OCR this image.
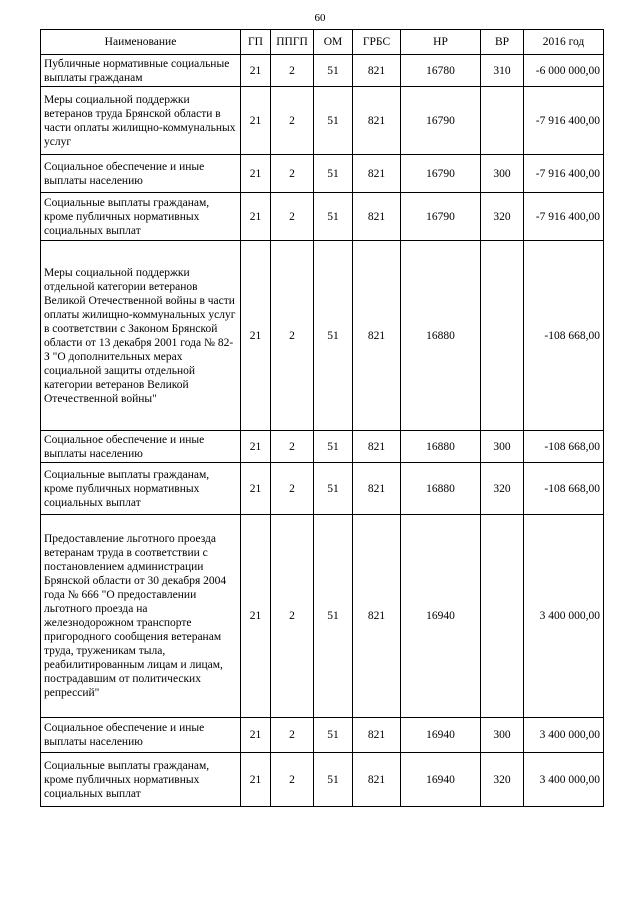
60
Наименование	ГП	ППГП	ОМ	ГРБС	НР	ВР	2016 год
Публичные нормативные социальные выплаты гражданам	21	2	51	821	16780	310	-6 000 000,00
Меры социальной поддержки ветеранов труда Брянской области в части оплаты жилищно-коммунальных услуг	21	2	51	821	16790		-7 916 400,00
Социальное обеспечение и иные выплаты населению	21	2	51	821	16790	300	-7 916 400,00
Социальные выплаты гражданам, кроме публичных нормативных социальных выплат	21	2	51	821	16790	320	-7 916 400,00
Меры социальной поддержки отдельной категории ветеранов Великой Отечественной войны в части оплаты жилищно-коммунальных услуг в соответствии с Законом Брянской области от 13 декабря 2001 года № 82-З "О дополнительных мерах социальной защиты отдельной категории ветеранов Великой Отечественной войны"	21	2	51	821	16880		-108 668,00
Социальное обеспечение и иные выплаты населению	21	2	51	821	16880	300	-108 668,00
Социальные выплаты гражданам, кроме публичных нормативных социальных выплат	21	2	51	821	16880	320	-108 668,00
Предоставление льготного проезда ветеранам труда в соответствии с постановлением администрации Брянской области от 30 декабря 2004 года № 666 "О предоставлении льготного проезда на железнодорожном транспорте пригородного сообщения ветеранам труда, труженикам тыла, реабилитированным лицам и лицам, пострадавшим от политических репрессий"	21	2	51	821	16940		3 400 000,00
Социальное обеспечение и иные выплаты населению	21	2	51	821	16940	300	3 400 000,00
Социальные выплаты гражданам, кроме публичных нормативных социальных выплат	21	2	51	821	16940	320	3 400 000,00
